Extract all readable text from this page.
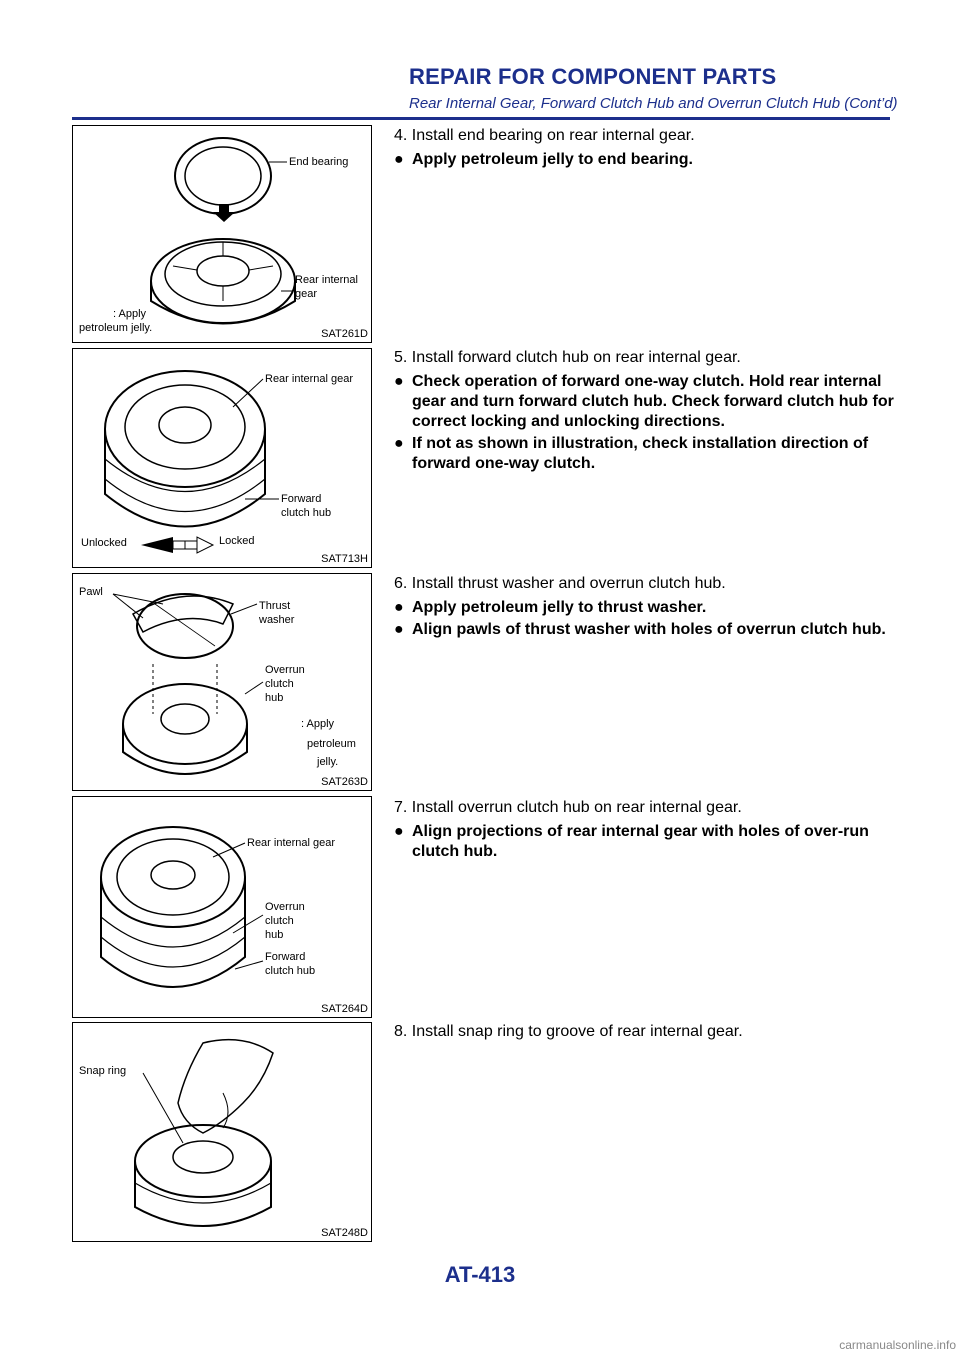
REPAIR FOR COMPONENT PARTS
Rear Internal Gear, Forward Clutch Hub and Overrun Clutch Hub (Cont’d)
End bearing
Rear internal
gear
: Apply
petroleum jelly.	SAT261D
Rear internal gear
Forward
clutch hub
Unlocked	Locked
SAT713H
Pawl
Thrust
washer
Overrun
clutch
hub
: Apply
petroleum
jelly.
SAT263D
Rear internal gear
Overrun
clutch
hub
Forward
clutch hub
SAT264D
Snap ring
SAT248D
4. Install end bearing on rear internal gear.
● Apply petroleum jelly to end bearing.
5. Install forward clutch hub on rear internal gear.
● Check operation of forward one-way clutch. Hold rear internal gear and turn forward clutch hub. Check forward clutch hub for correct locking and unlocking directions.
● If not as shown in illustration, check installation direction of forward one-way clutch.
6. Install thrust washer and overrun clutch hub.
● Apply petroleum jelly to thrust washer.
● Align pawls of thrust washer with holes of overrun clutch hub.
7. Install overrun clutch hub on rear internal gear.
● Align projections of rear internal gear with holes of over-run clutch hub.
8. Install snap ring to groove of rear internal gear.
AT-413
carmanualsonline.info
